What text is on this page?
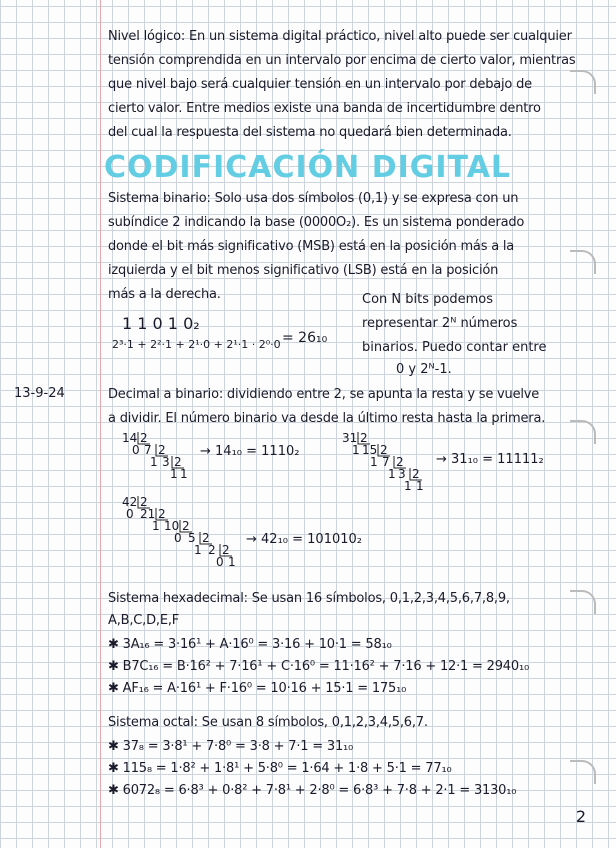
Nivel lógico: En un sistema digital práctico, nivel alto puede ser cualquier
tensión comprendida en un intervalo por encima de cierto valor, mientras
que nivel bajo será cualquier tensión en un intervalo por debajo de
cierto valor. Entre medios existe una banda de incertidumbre dentro
del cual la respuesta del sistema no quedará bien determinada.
CODIFICACIÓN DIGITAL
Sistema binario: Solo usa dos símbolos (0,1) y se expresa con un
subíndice 2 indicando la base (0000O₂). Es un sistema ponderado
donde el bit más significativo (MSB) está en la posición más a la
izquierda y el bit menos significativo (LSB) está en la posición
más a la derecha.
1 1 0 1 0₂
2³·1 + 2²·1 + 2¹·0 + 2¹·1 · 2⁰·0 = 26₁₀
Con N bits podemos
representar 2ᴺ números
binarios. Puedo contar entre
0 y 2ᴺ-1.
13-9-24	Decimal a binario: dividiendo entre 2, se apunta la resta y se vuelve
a dividir. El número binario va desde la último resta hasta la primera.
14 2
0 7 2
1 3 2
1 1
→ 14₁₀ = 1110₂
31 2
1 15 2
1 7 2
1 3 2
1 1
→ 31₁₀ = 11111₂
42 2
0 21 2
1 10 2
0 5 2
1 2 2
0 1
→ 42₁₀ = 101010₂
Sistema hexadecimal: Se usan 16 símbolos, 0,1,2,3,4,5,6,7,8,9,
A,B,C,D,E,F
✱ 3A₁₆ = 3·16¹ + A·16⁰ = 3·16 + 10·1 = 58₁₀
✱ B7C₁₆ = B·16² + 7·16¹ + C·16⁰ = 11·16² + 7·16 + 12·1 = 2940₁₀
✱ AF₁₆ = A·16¹ + F·16⁰ = 10·16 + 15·1 = 175₁₀
Sistema octal: Se usan 8 símbolos, 0,1,2,3,4,5,6,7.
✱ 37₈ = 3·8¹ + 7·8⁰ = 3·8 + 7·1 = 31₁₀
✱ 115₈ = 1·8² + 1·8¹ + 5·8⁰ = 1·64 + 1·8 + 5·1 = 77₁₀
✱ 6072₈ = 6·8³ + 0·8² + 7·8¹ + 2·8⁰ = 6·8³ + 7·8 + 2·1 = 3130₁₀
2
